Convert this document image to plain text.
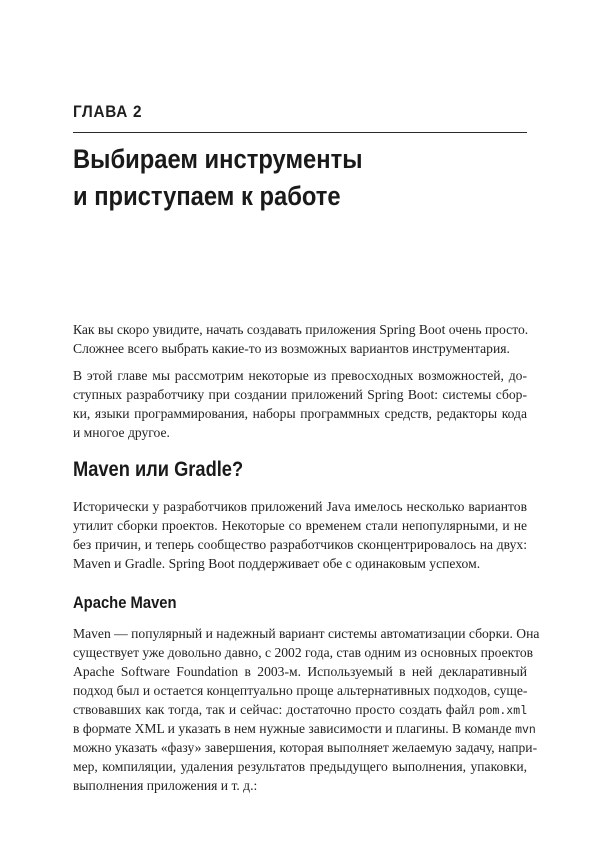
ГЛАВА 2
Выбираем инструменты
и приступаем к работе
Как вы скоро увидите, начать создавать приложения Spring Boot очень просто.
Сложнее всего выбрать какие-то из возможных вариантов инструментария.
В этой главе мы рассмотрим некоторые из превосходных возможностей, до-
ступных разработчику при создании приложений Spring Boot: системы сбор-
ки, языки программирования, наборы программных средств, редакторы кода
и многое другое.
Maven или Gradle?
Исторически у разработчиков приложений Java имелось несколько вариантов
утилит сборки проектов. Некоторые со временем стали непопулярными, и не
без причин, и теперь сообщество разработчиков сконцентрировалось на двух:
Maven и Gradle. Spring Boot поддерживает обе с одинаковым успехом.
Apache Maven
Maven — популярный и надежный вариант системы автоматизации сборки. Она
существует уже довольно давно, с 2002 года, став одним из основных проектов
Apache Software Foundation в 2003-м. Используемый в ней декларативный
подход был и остается концептуально проще альтернативных подходов, суще-
ствовавших как тогда, так и сейчас: достаточно просто создать файл pom.xml
в формате XML и указать в нем нужные зависимости и плагины. В команде mvn
можно указать «фазу» завершения, которая выполняет желаемую задачу, напри-
мер, компиляции, удаления результатов предыдущего выполнения, упаковки,
выполнения приложения и т. д.:
